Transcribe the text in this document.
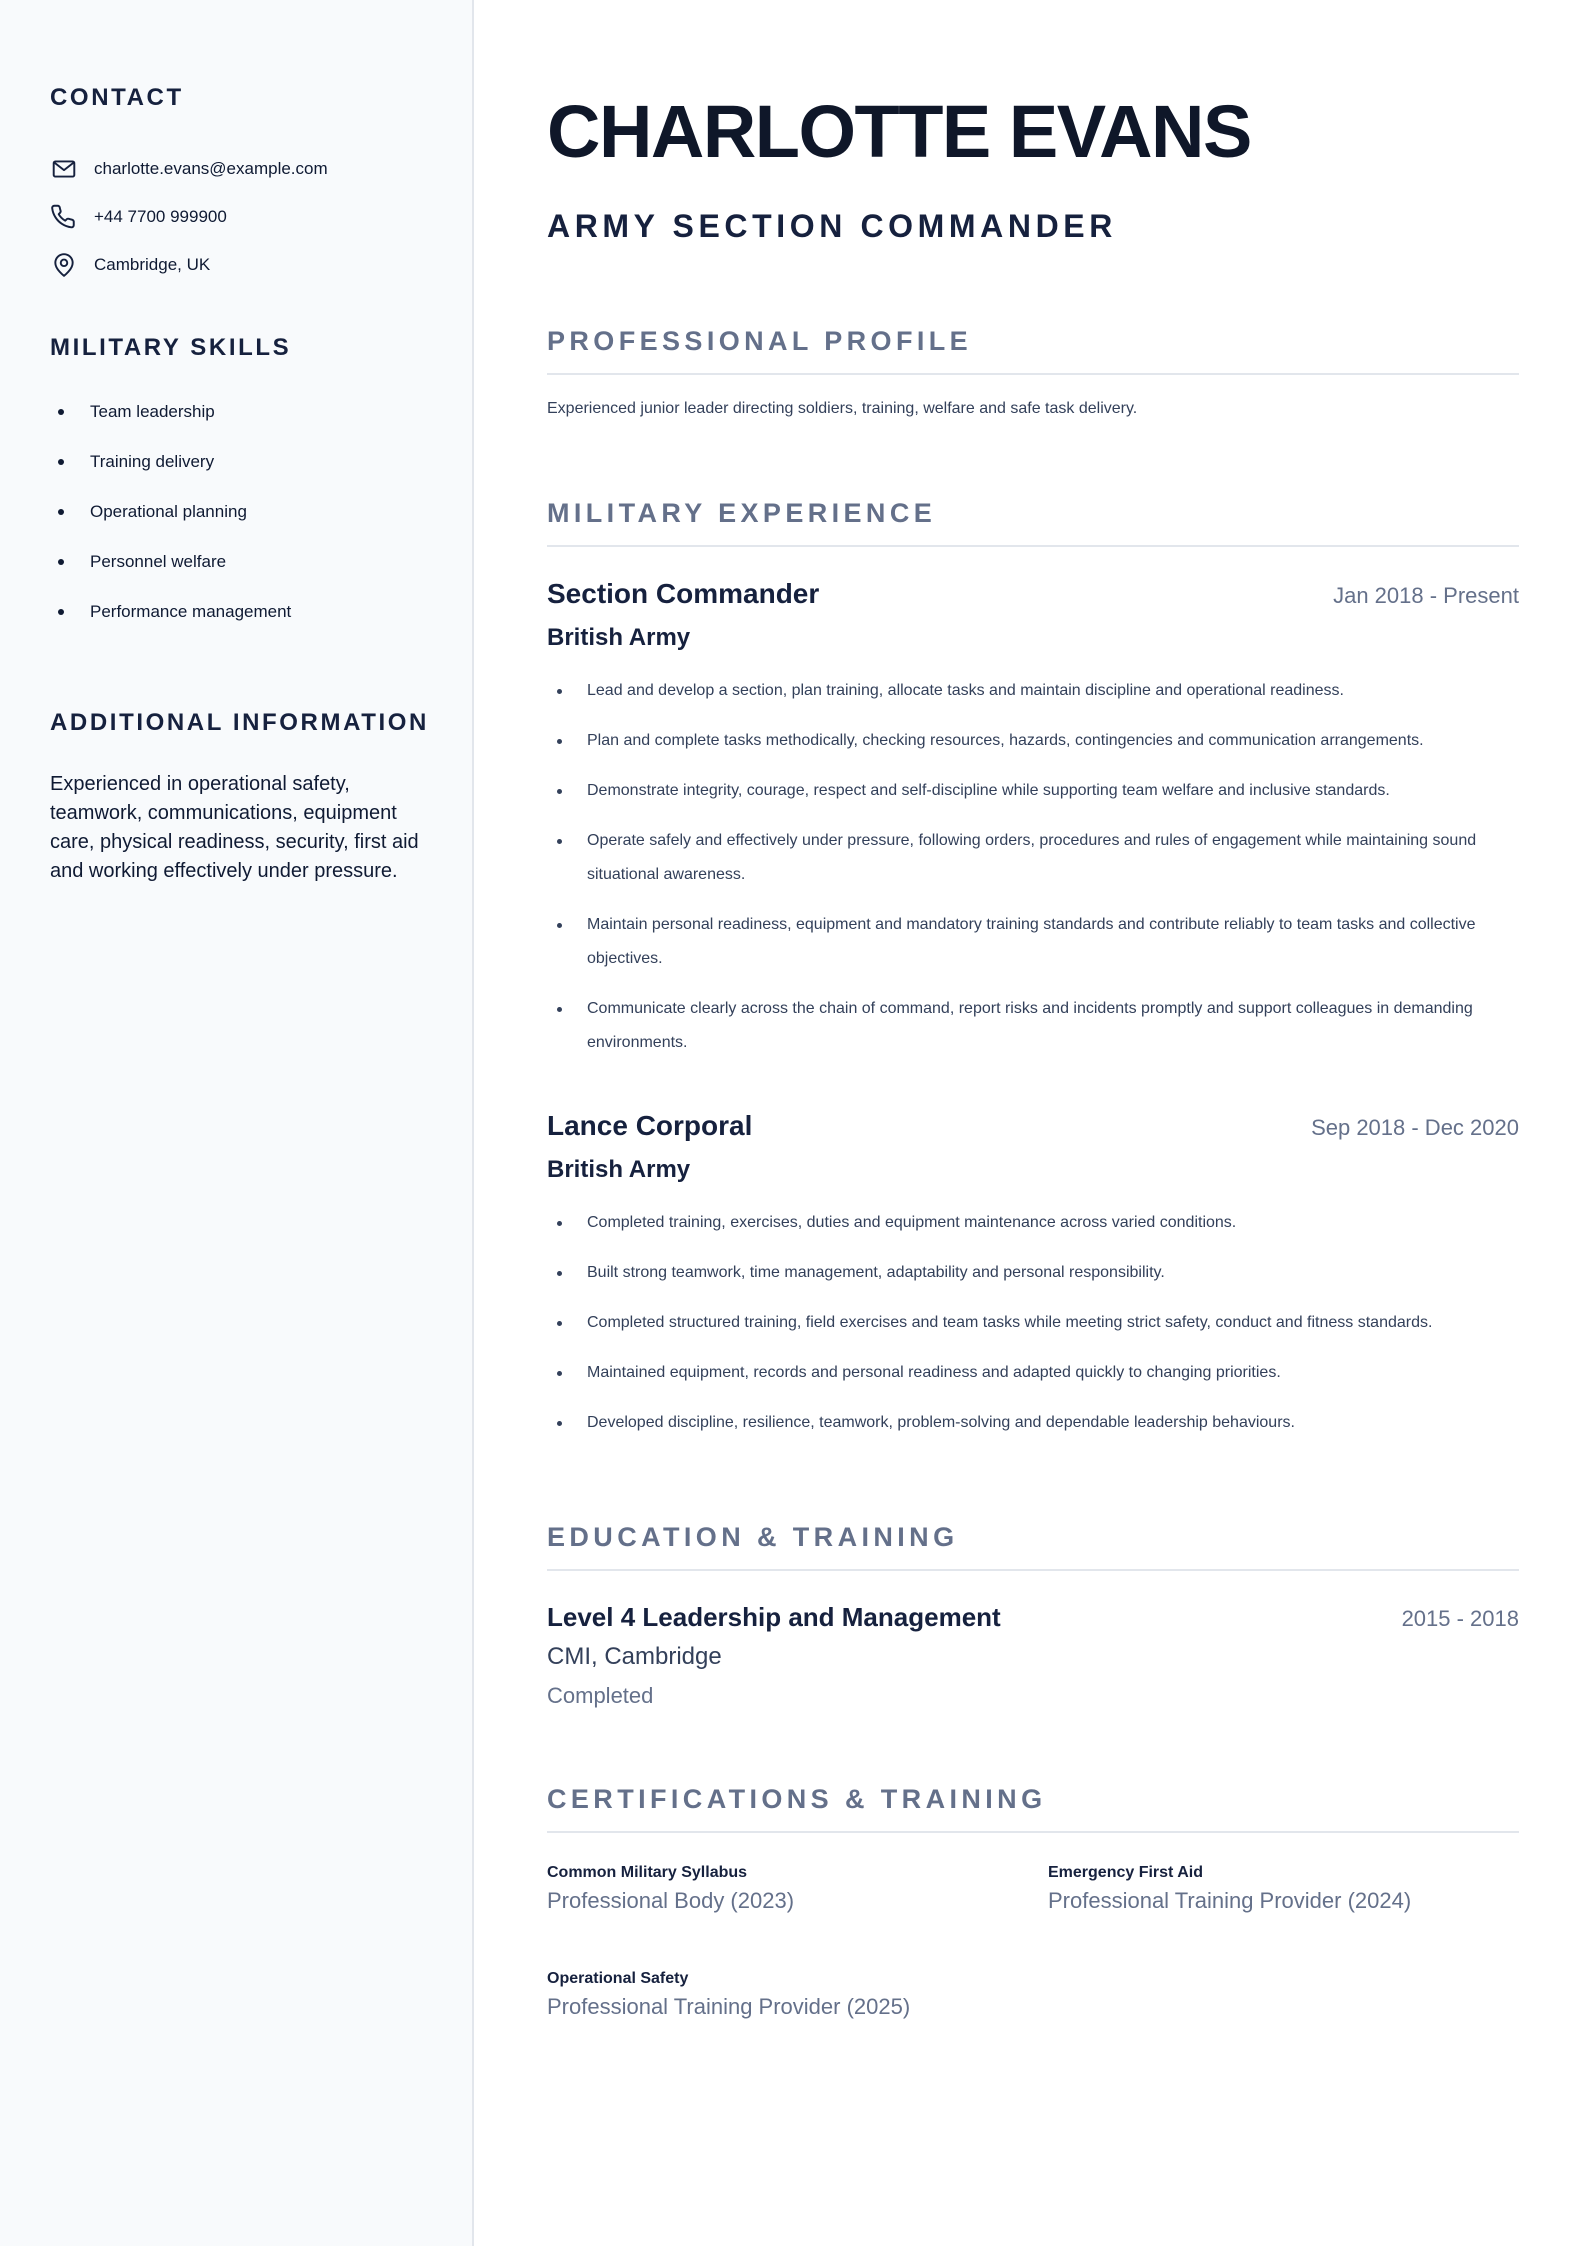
CONTACT
charlotte.evans@example.com
+44 7700 999900
Cambridge, UK
MILITARY SKILLS
Team leadership
Training delivery
Operational planning
Personnel welfare
Performance management
ADDITIONAL INFORMATION

Experienced in operational safety, teamwork, communications, equipment care, physical readiness, security, first aid and working effectively under pressure.

CHARLOTTE EVANS
ARMY SECTION COMMANDER
PROFESSIONAL PROFILE

Experienced junior leader directing soldiers, training, welfare and safe task delivery.

MILITARY EXPERIENCE
Section Commander	Jan 2018 - Present
British Army
Lead and develop a section, plan training, allocate tasks and maintain discipline and operational readiness.
Plan and complete tasks methodically, checking resources, hazards, contingencies and communication arrangements.
Demonstrate integrity, courage, respect and self-discipline while supporting team welfare and inclusive standards.
Operate safely and effectively under pressure, following orders, procedures and rules of engagement while maintaining sound situational awareness.
Maintain personal readiness, equipment and mandatory training standards and contribute reliably to team tasks and collective objectives.
Communicate clearly across the chain of command, report risks and incidents promptly and support colleagues in demanding environments.
Lance Corporal	Sep 2018 - Dec 2020
British Army
Completed training, exercises, duties and equipment maintenance across varied conditions.
Built strong teamwork, time management, adaptability and personal responsibility.
Completed structured training, field exercises and team tasks while meeting strict safety, conduct and fitness standards.
Maintained equipment, records and personal readiness and adapted quickly to changing priorities.
Developed discipline, resilience, teamwork, problem-solving and dependable leadership behaviours.
EDUCATION & TRAINING
Level 4 Leadership and Management	2015 - 2018
CMI, Cambridge
Completed
CERTIFICATIONS & TRAINING
Common Military Syllabus
Professional Body (2023)
Emergency First Aid
Professional Training Provider (2024)
Operational Safety
Professional Training Provider (2025)
